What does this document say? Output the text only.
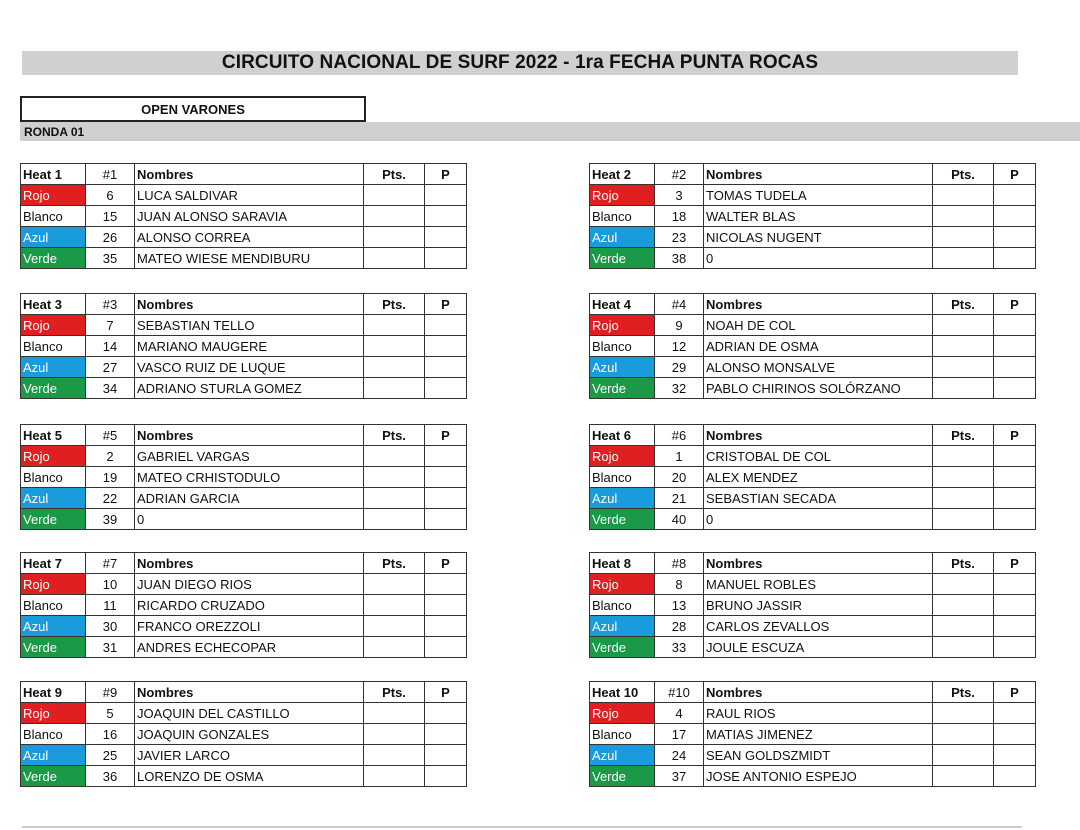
CIRCUITO NACIONAL DE SURF 2022 - 1ra FECHA PUNTA ROCAS
OPEN VARONES
RONDA 01
Heat 1	#1	Nombres	Pts.	P
Rojo	6	LUCA SALDIVAR		
Blanco	15	JUAN ALONSO SARAVIA		
Azul	26	ALONSO CORREA		
Verde	35	MATEO WIESE MENDIBURU		
Heat 2	#2	Nombres	Pts.	P
Rojo	3	TOMAS TUDELA		
Blanco	18	WALTER BLAS		
Azul	23	NICOLAS NUGENT		
Verde	38	0		
Heat 3	#3	Nombres	Pts.	P
Rojo	7	SEBASTIAN TELLO		
Blanco	14	MARIANO MAUGERE		
Azul	27	VASCO RUIZ DE LUQUE		
Verde	34	ADRIANO STURLA GOMEZ		
Heat 4	#4	Nombres	Pts.	P
Rojo	9	NOAH DE COL		
Blanco	12	ADRIAN DE OSMA		
Azul	29	ALONSO MONSALVE		
Verde	32	PABLO CHIRINOS SOLÓRZANO		
Heat 5	#5	Nombres	Pts.	P
Rojo	2	GABRIEL VARGAS		
Blanco	19	MATEO CRHISTODULO		
Azul	22	ADRIAN GARCIA		
Verde	39	0		
Heat 6	#6	Nombres	Pts.	P
Rojo	1	CRISTOBAL DE COL		
Blanco	20	ALEX MENDEZ		
Azul	21	SEBASTIAN SECADA		
Verde	40	0		
Heat 7	#7	Nombres	Pts.	P
Rojo	10	JUAN DIEGO RIOS		
Blanco	11	RICARDO CRUZADO		
Azul	30	FRANCO OREZZOLI		
Verde	31	ANDRES ECHECOPAR		
Heat 8	#8	Nombres	Pts.	P
Rojo	8	MANUEL ROBLES		
Blanco	13	BRUNO JASSIR		
Azul	28	CARLOS ZEVALLOS		
Verde	33	JOULE ESCUZA		
Heat 9	#9	Nombres	Pts.	P
Rojo	5	JOAQUIN DEL CASTILLO		
Blanco	16	JOAQUIN GONZALES		
Azul	25	JAVIER LARCO		
Verde	36	LORENZO DE OSMA		
Heat 10	#10	Nombres	Pts.	P
Rojo	4	RAUL RIOS		
Blanco	17	MATIAS JIMENEZ		
Azul	24	SEAN GOLDSZMIDT		
Verde	37	JOSE ANTONIO ESPEJO		
